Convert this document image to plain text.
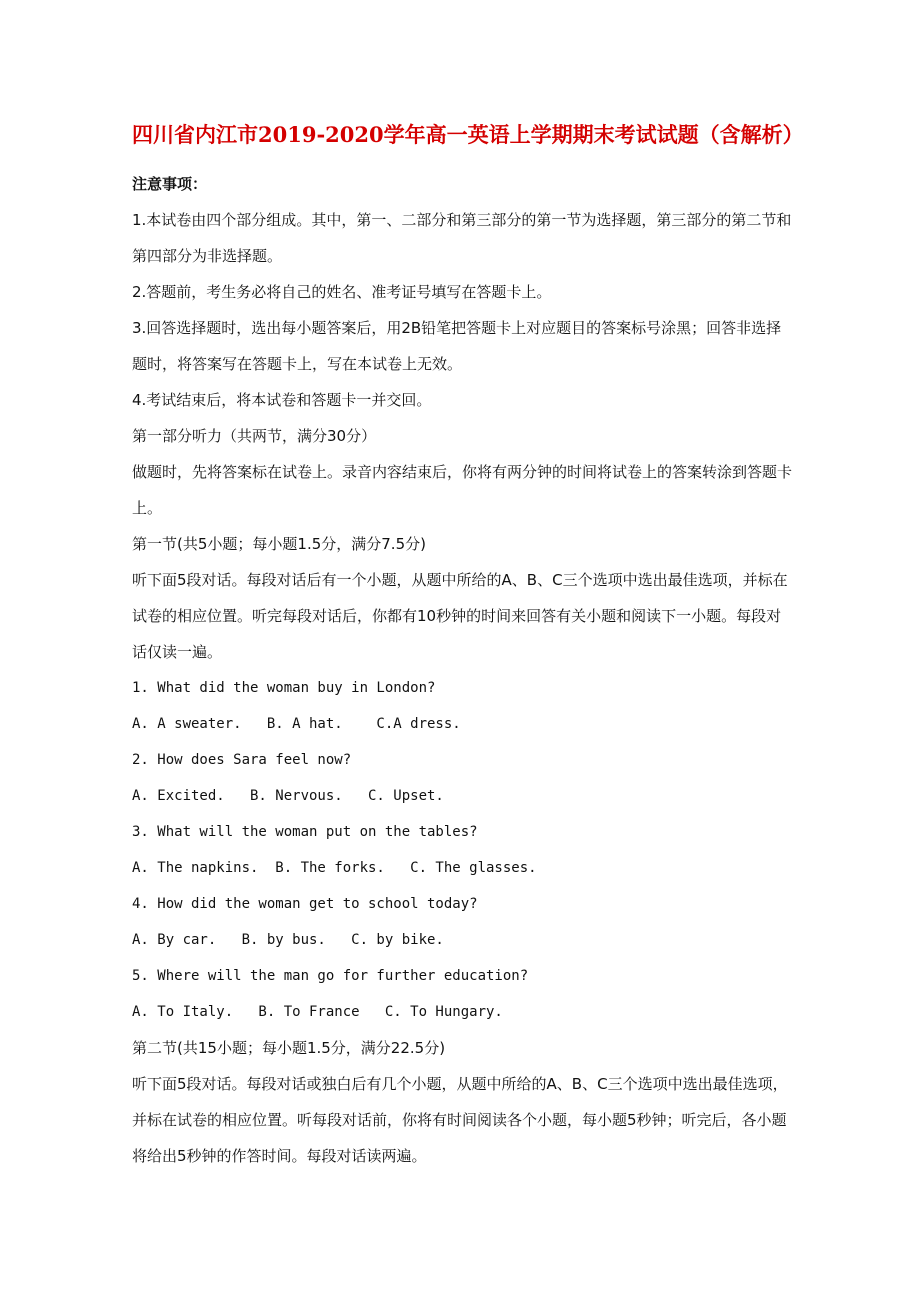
四川省内江市2019-2020学年高一英语上学期期末考试试题（含解析）

注意事项：

1.本试卷由四个部分组成。其中，第一、二部分和第三部分的第一节为选择题，第三部分的第二节和第四部分为非选择题。

2.答题前，考生务必将自己的姓名、准考证号填写在答题卡上。

3.回答选择题时，选出每小题答案后，用2B铅笔把答题卡上对应题目的答案标号涂黑；回答非选择题时，将答案写在答题卡上，写在本试卷上无效。

4.考试结束后，将本试卷和答题卡一并交回。

第一部分听力（共两节，满分30分）

做题时，先将答案标在试卷上。录音内容结束后，你将有两分钟的时间将试卷上的答案转涂到答题卡上。

第一节(共5小题；每小题1.5分，满分7.5分)

听下面5段对话。每段对话后有一个小题，从题中所给的A、B、C三个选项中选出最佳选项，并标在试卷的相应位置。听完每段对话后，你都有10秒钟的时间来回答有关小题和阅读下一小题。每段对话仅读一遍。

1. What did the woman buy in London?

A. A sweater.   B. A hat.    C.A dress.

2. How does Sara feel now?

A. Excited.   B. Nervous.   C. Upset.

3. What will the woman put on the tables?

A. The napkins.  B. The forks.   C. The glasses.

4. How did the woman get to school today?

A. By car.   B. by bus.   C. by bike.

5. Where will the man go for further education?

A. To Italy.   B. To France   C. To Hungary.

第二节(共15小题；每小题1.5分，满分22.5分)

听下面5段对话。每段对话或独白后有几个小题，从题中所给的A、B、C三个选项中选出最佳选项，并标在试卷的相应位置。听每段对话前，你将有时间阅读各个小题，每小题5秒钟；听完后，各小题将给出5秒钟的作答时间。每段对话读两遍。
